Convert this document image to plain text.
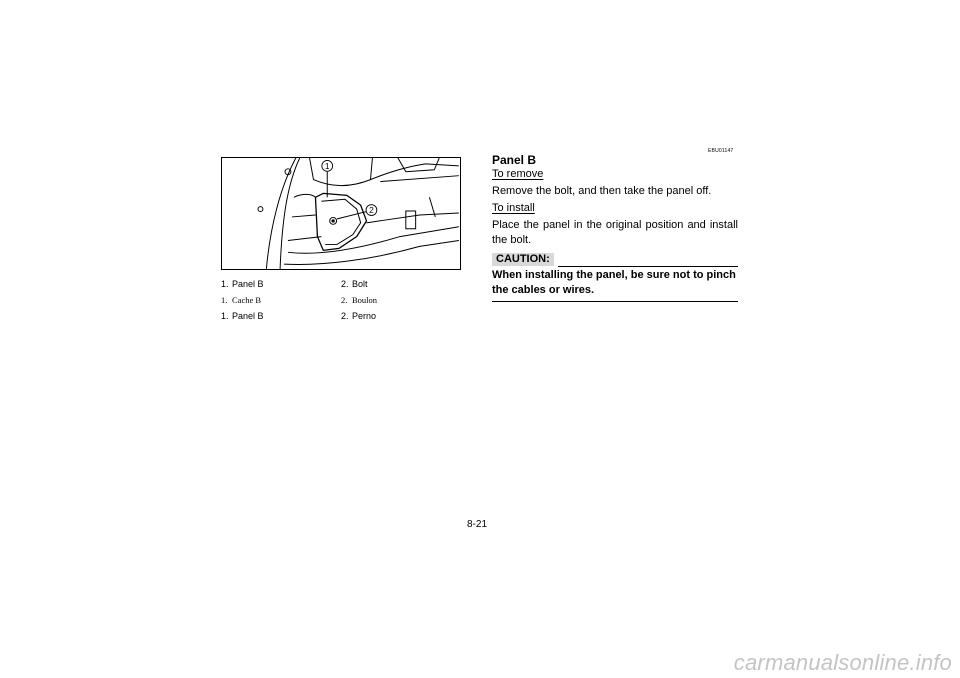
1
2
1. Panel B	2. Bolt
1. Cache B	2. Boulon
1. Panel B	2. Perno
EBU01147
Panel B
To remove
Remove the bolt, and then take the panel off.
To install
Place the panel in the original position and install the bolt.
CAUTION:
When installing the panel, be sure not to pinch the cables or wires.
8-21
carmanualsonline.info
